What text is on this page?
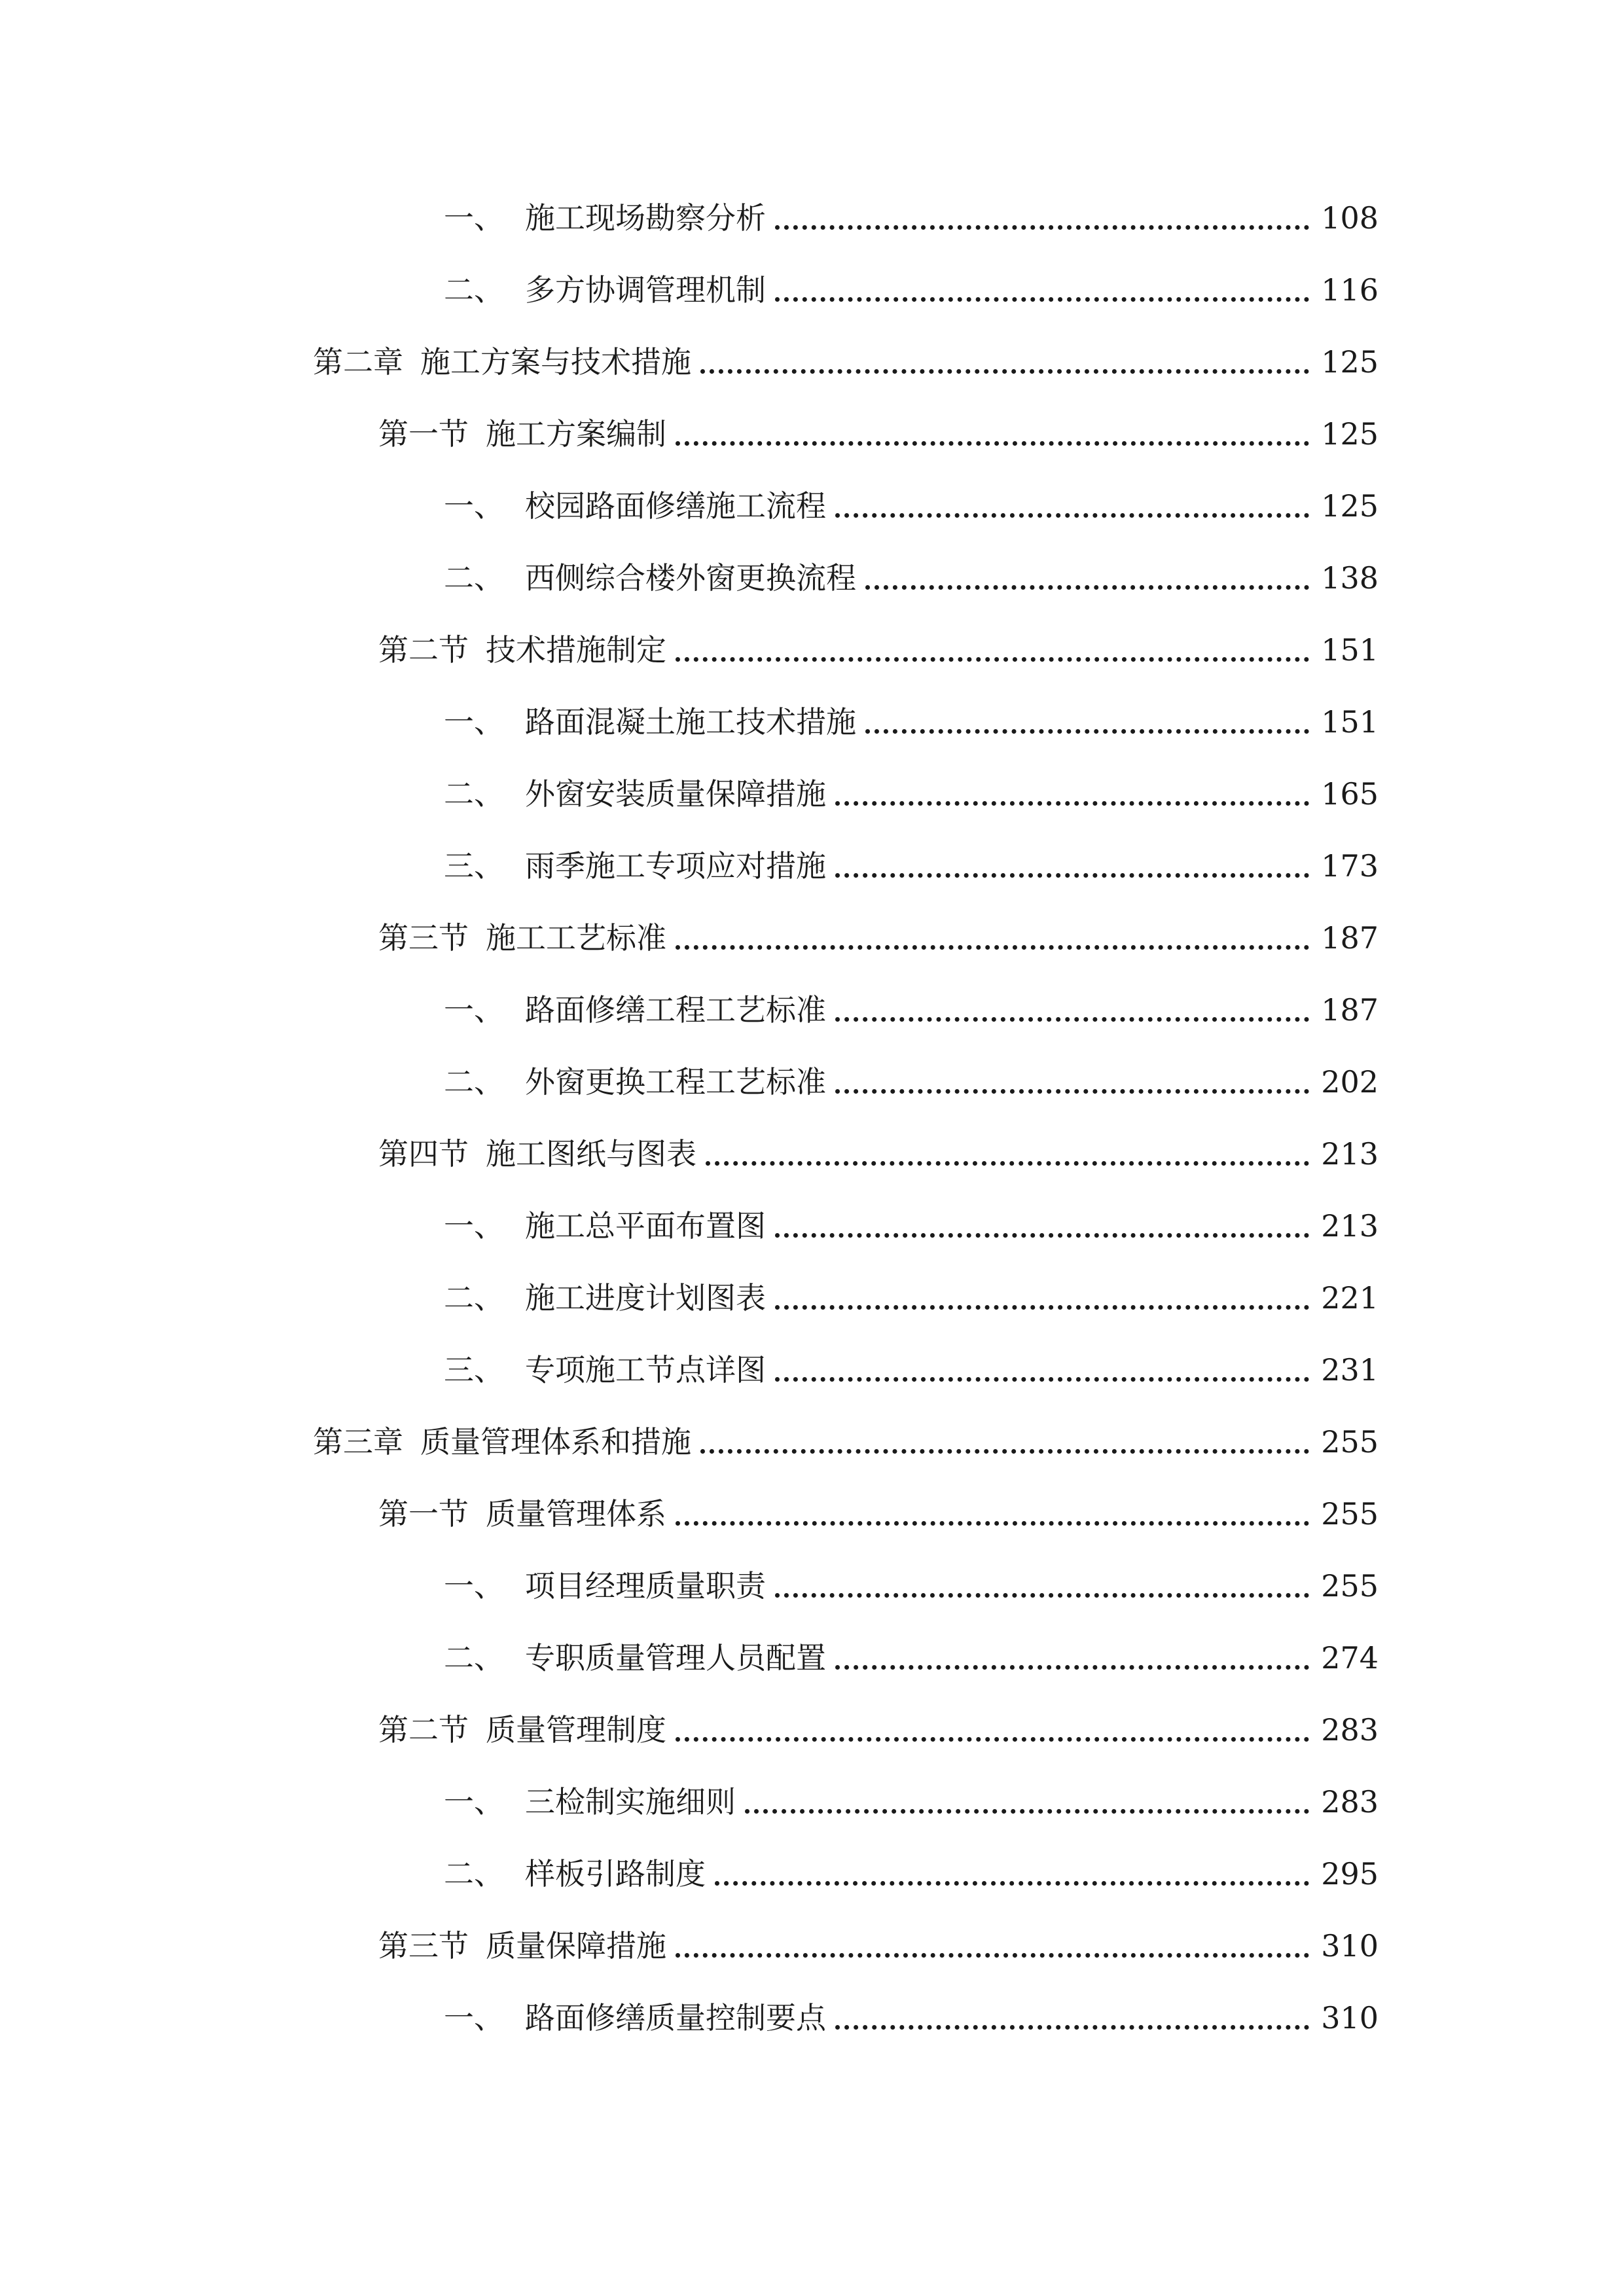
一、 施工现场勘察分析	108
二、 多方协调管理机制	116
第二章 施工方案与技术措施	125
第一节 施工方案编制	125
一、 校园路面修缮施工流程	125
二、 西侧综合楼外窗更换流程	138
第二节 技术措施制定	151
一、 路面混凝土施工技术措施	151
二、 外窗安装质量保障措施	165
三、 雨季施工专项应对措施	173
第三节 施工工艺标准	187
一、 路面修缮工程工艺标准	187
二、 外窗更换工程工艺标准	202
第四节 施工图纸与图表	213
一、 施工总平面布置图	213
二、 施工进度计划图表	221
三、 专项施工节点详图	231
第三章 质量管理体系和措施	255
第一节 质量管理体系	255
一、 项目经理质量职责	255
二、 专职质量管理人员配置	274
第二节 质量管理制度	283
一、 三检制实施细则	283
二、 样板引路制度	295
第三节 质量保障措施	310
一、 路面修缮质量控制要点	310
